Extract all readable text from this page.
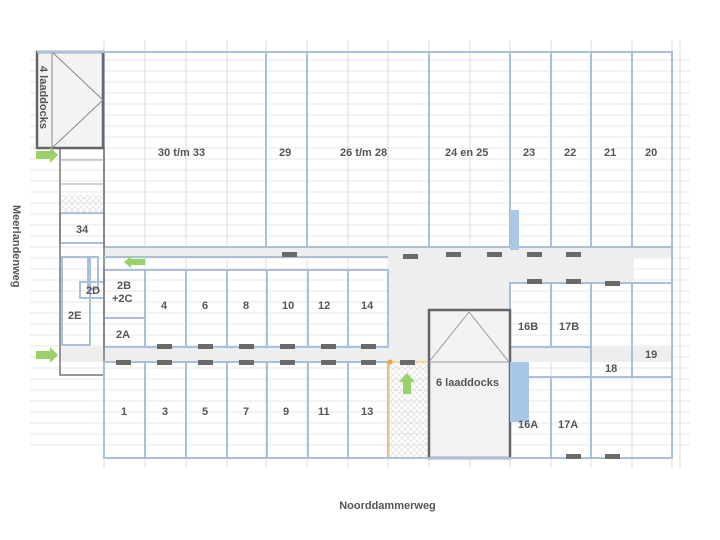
4 laaddocks
6 laaddocks
30 t/m 33	29	26 t/m 28	24 en 25	23	22	21	20
34
2D 2B
+2C
2A
2E
4	6	8	10 12	14
16B 17B
18
19
1	3	5	7	9	11	13
16A 17A
Noorddammerweg
Meerlandenweg
